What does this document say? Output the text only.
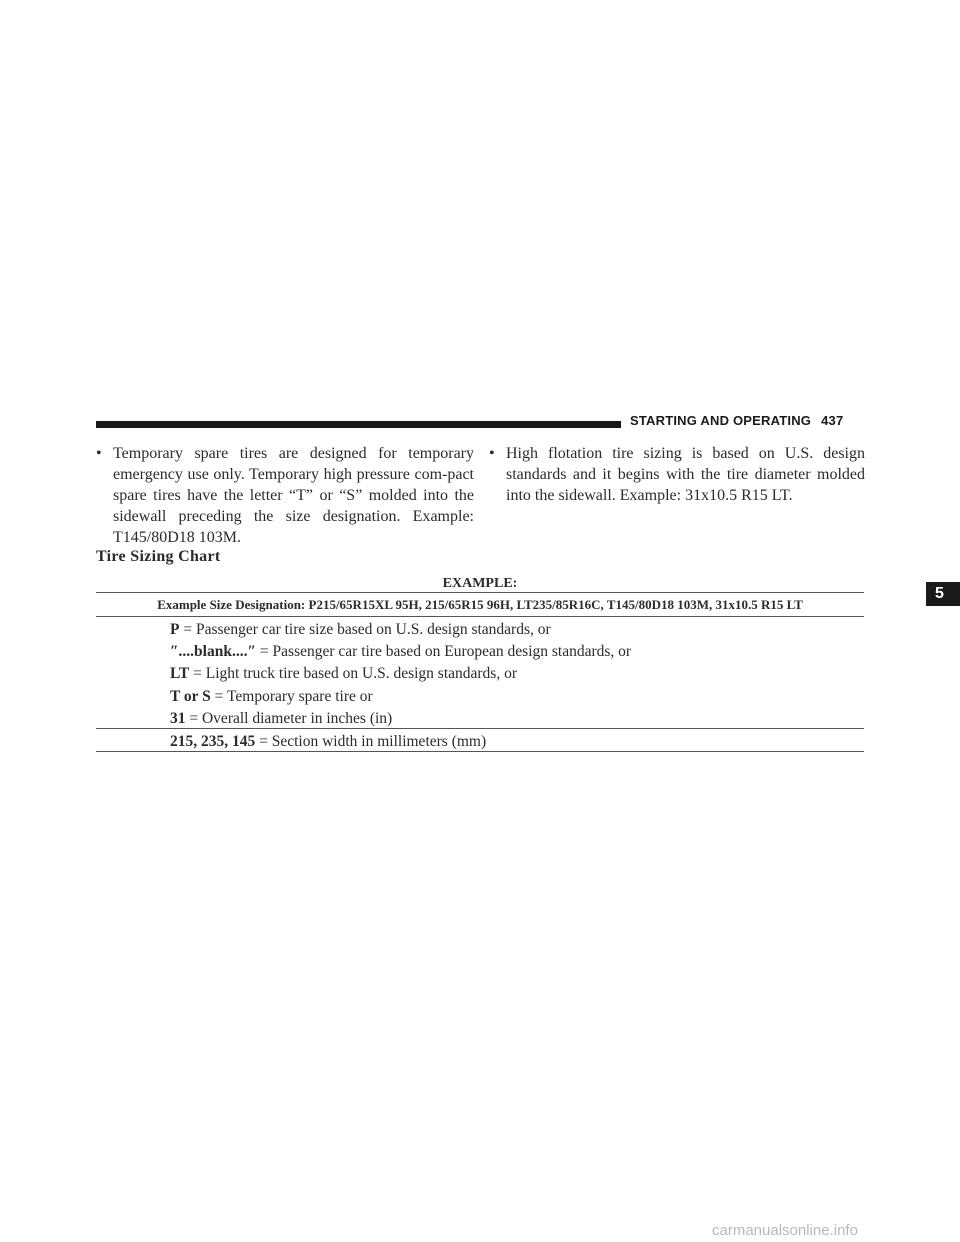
STARTING AND OPERATING 437
• Temporary spare tires are designed for temporary emergency use only. Temporary high pressure com-pact spare tires have the letter “T” or “S” molded into the sidewall preceding the size designation. Example: T145/80D18 103M.
• High flotation tire sizing is based on U.S. design standards and it begins with the tire diameter molded into the sidewall. Example: 31x10.5 R15 LT.
Tire Sizing Chart
EXAMPLE:
Example Size Designation: P215/65R15XL 95H, 215/65R15 96H, LT235/85R16C, T145/80D18 103M, 31x10.5 R15 LT
P = Passenger car tire size based on U.S. design standards, or
″....blank....″ = Passenger car tire based on European design standards, or
LT = Light truck tire based on U.S. design standards, or
T or S = Temporary spare tire or
31 = Overall diameter in inches (in)
215, 235, 145 = Section width in millimeters (mm)
5
carmanualsonline.info
